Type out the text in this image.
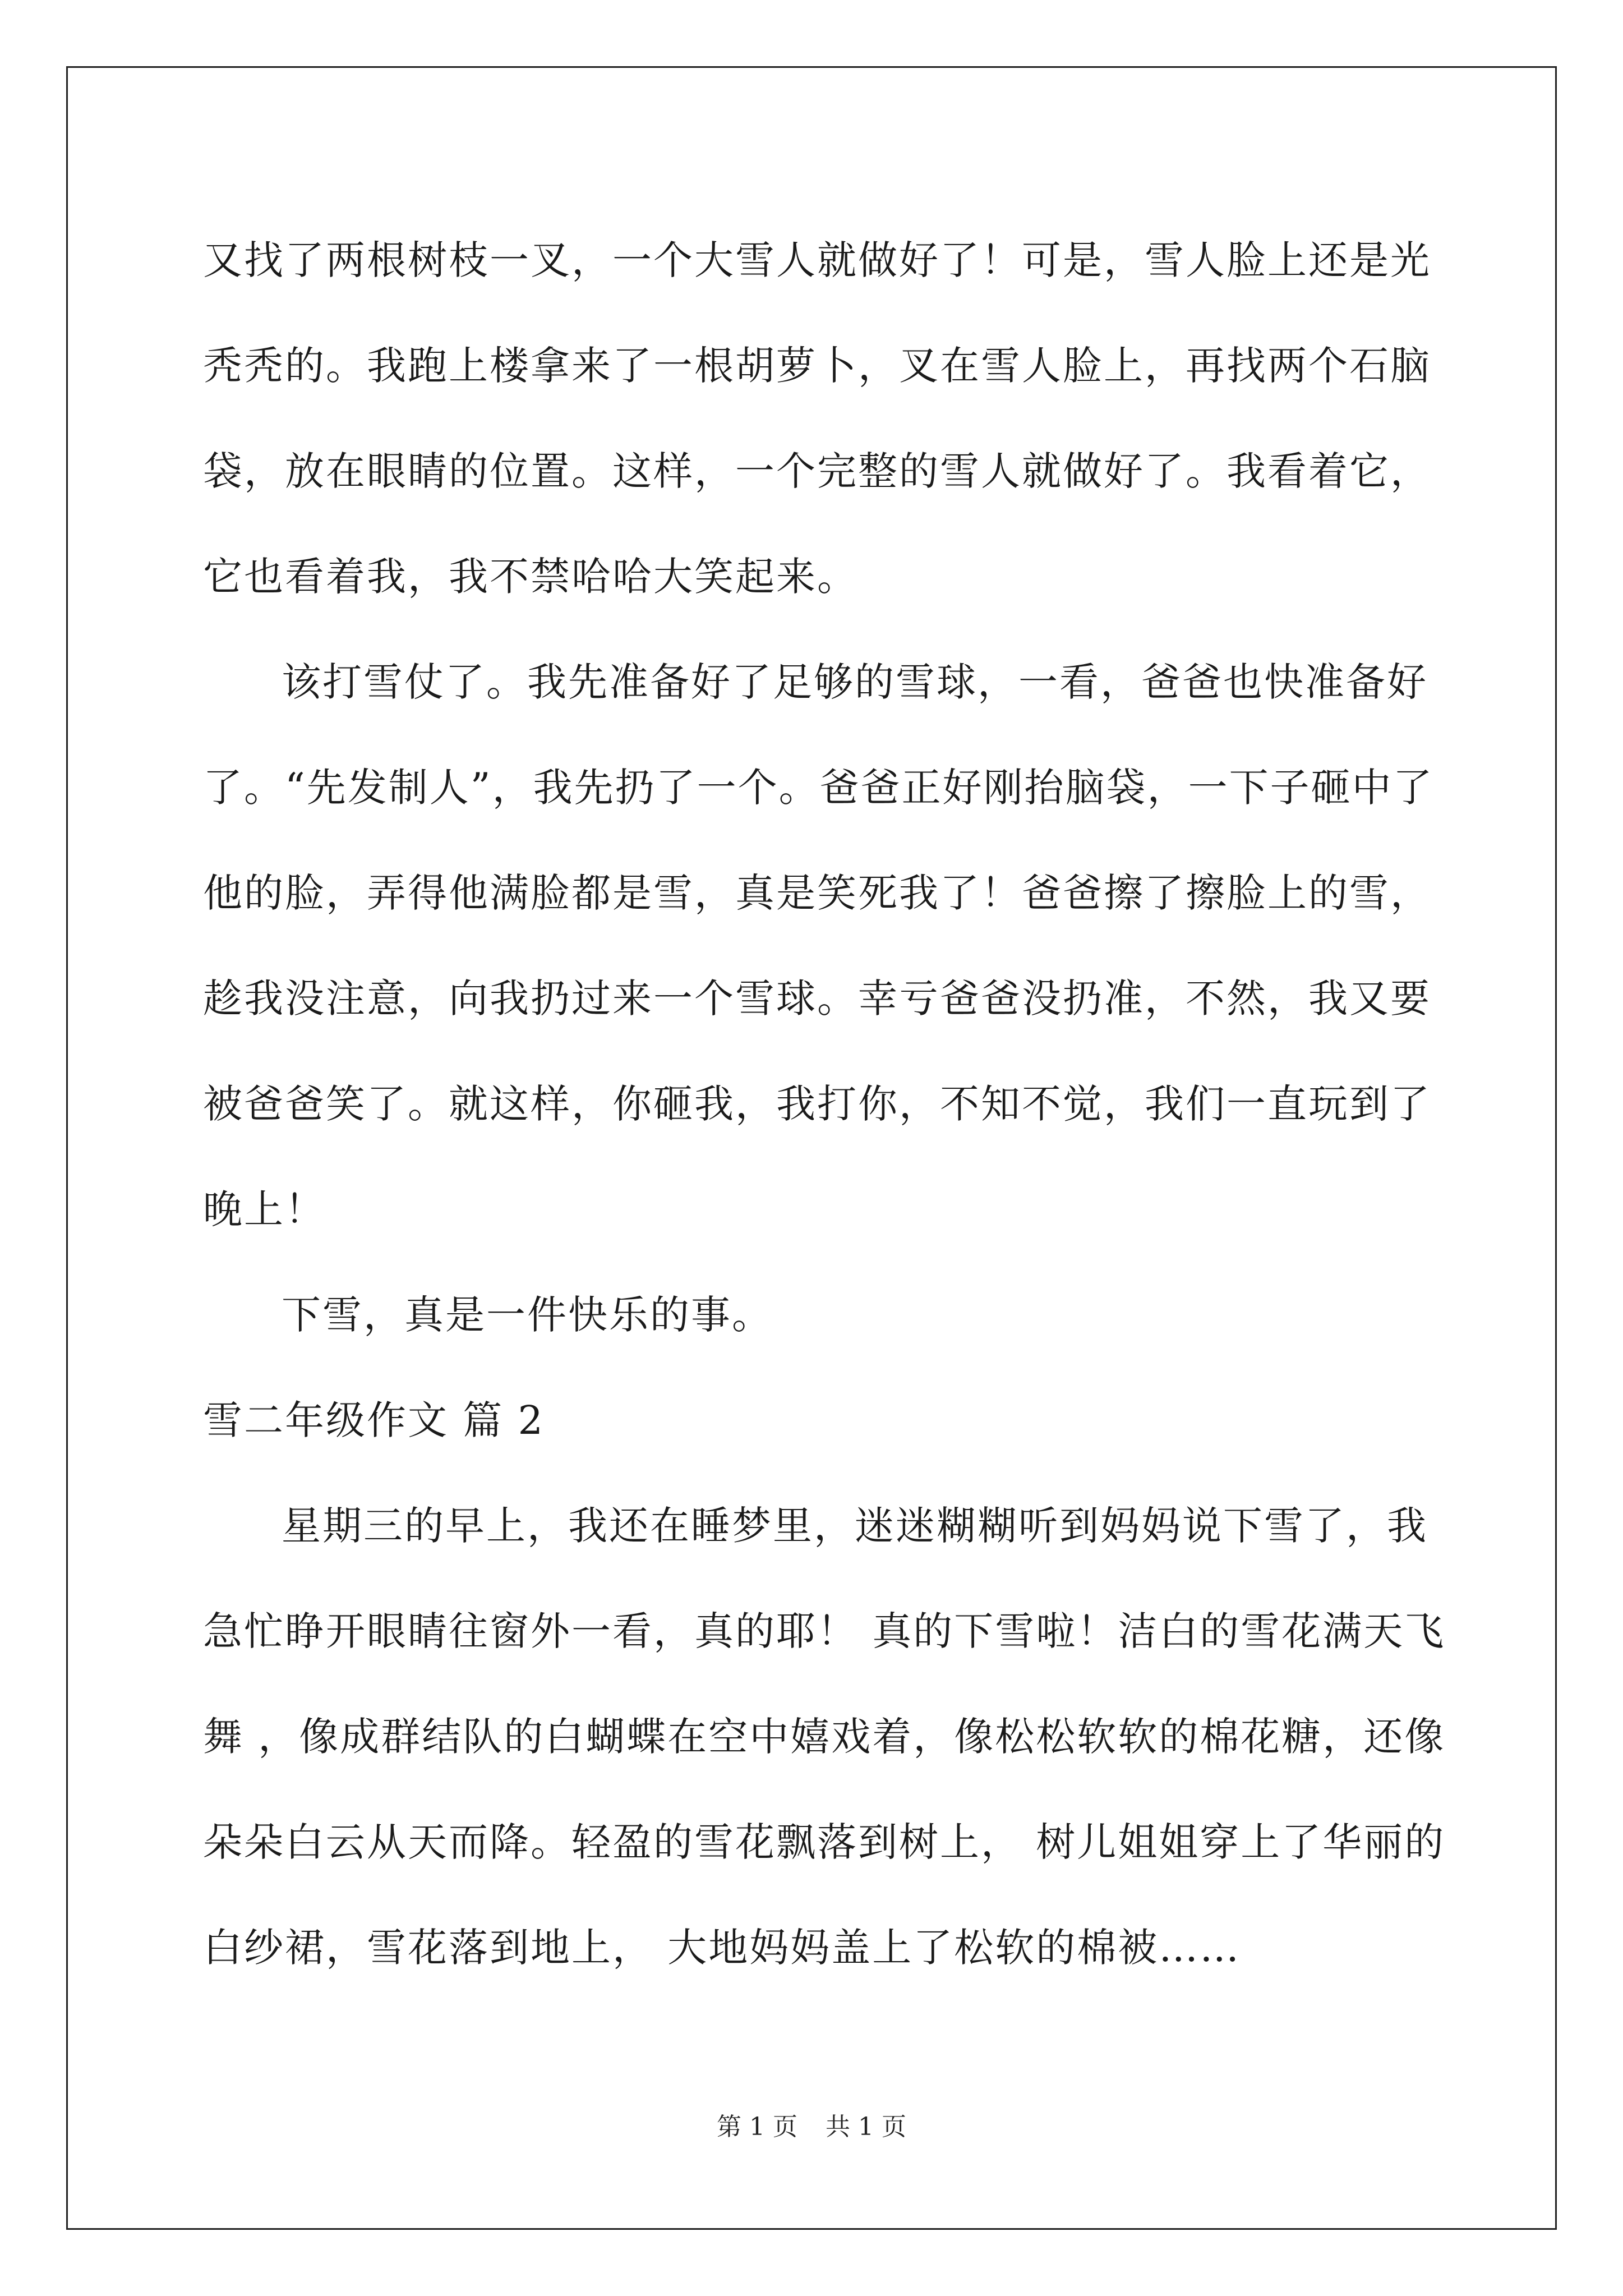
又找了两根树枝一叉，一个大雪人就做好了！可是，雪人脸上还是光
秃秃的。我跑上楼拿来了一根胡萝卜，叉在雪人脸上，再找两个石脑
袋，放在眼睛的位置。这样，一个完整的雪人就做好了。我看着它，
它也看着我，我不禁哈哈大笑起来。
该打雪仗了。我先准备好了足够的雪球，一看，爸爸也快准备好
了。“先发制人”，我先扔了一个。爸爸正好刚抬脑袋，一下子砸中了
他的脸，弄得他满脸都是雪，真是笑死我了！爸爸擦了擦脸上的雪，
趁我没注意，向我扔过来一个雪球。幸亏爸爸没扔准，不然，我又要
被爸爸笑了。就这样，你砸我，我打你，不知不觉，我们一直玩到了
晚上！
下雪，真是一件快乐的事。
雪二年级作文 篇 2
星期三的早上，我还在睡梦里，迷迷糊糊听到妈妈说下雪了，我
急忙睁开眼睛往窗外一看，真的耶！ 真的下雪啦！洁白的雪花满天飞
舞 ，像成群结队的白蝴蝶在空中嬉戏着，像松松软软的棉花糖，还像
朵朵白云从天而降。轻盈的雪花飘落到树上， 树儿姐姐穿上了华丽的
白纱裙，雪花落到地上， 大地妈妈盖上了松软的棉被……
第 1 页 共 1 页
